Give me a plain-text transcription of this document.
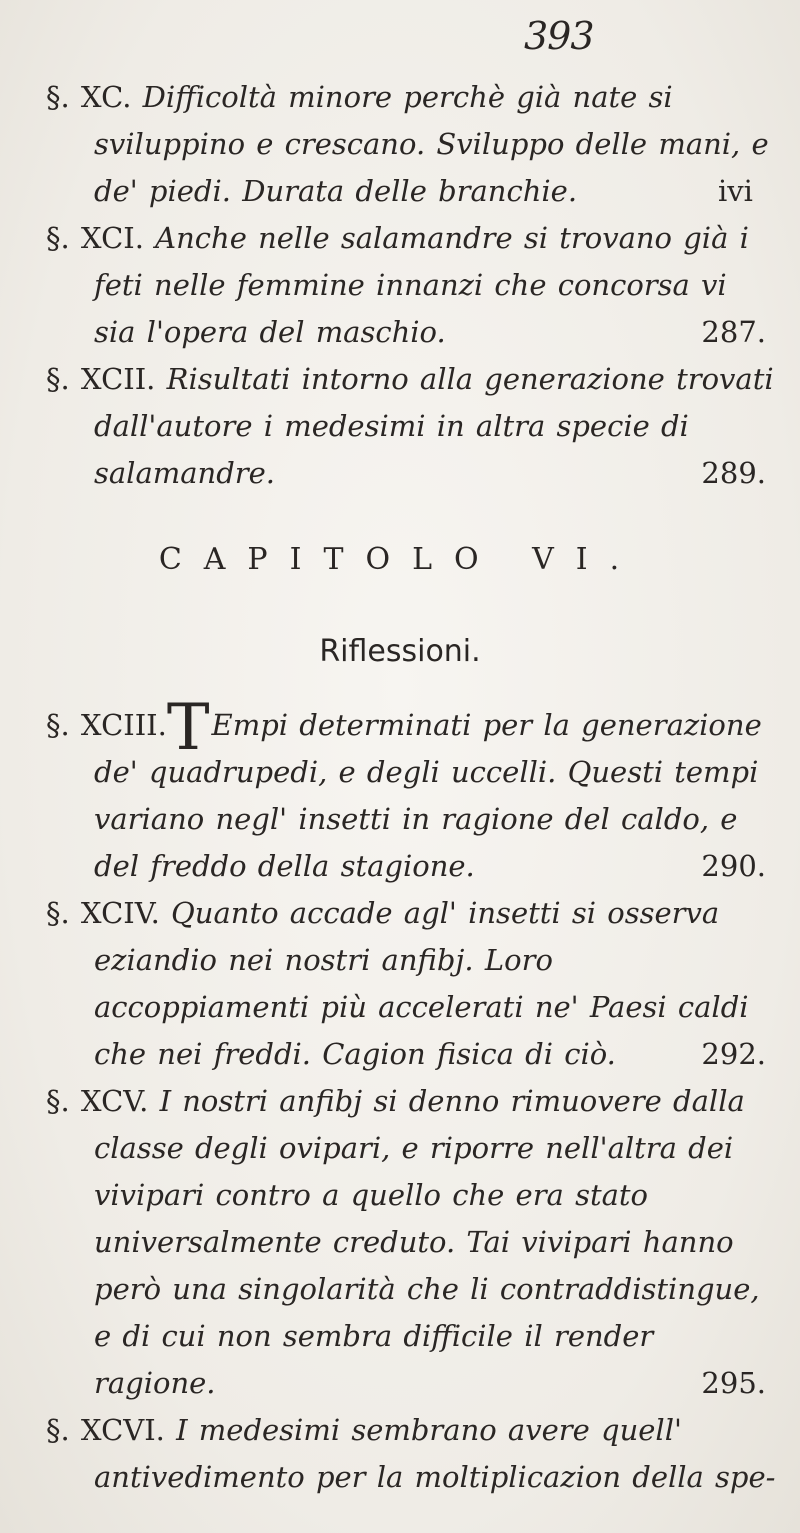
393

§. XC. Difficoltà minore perchè già nate si sviluppino e crescano. Sviluppo delle mani, e de' piedi. Durata delle branchie.	ivi

§. XCI. Anche nelle salamandre si trovano già i feti nelle femmine innanzi che concorsa vi sia l'opera del maschio.	287.

§. XCII. Risultati intorno alla generazione trovati dall'autore i medesimi in altra specie di salamandre.	289.

CAPITOLO VI.
Riflessioni.

§. XCIII.TEmpi determinati per la generazione de' quadrupedi, e degli uccelli. Questi tempi variano negl' insetti in ragione del caldo, e del freddo della stagione.	290.

§. XCIV. Quanto accade agl' insetti si osserva eziandio nei nostri anfibj. Loro accoppiamenti più accelerati ne' Paesi caldi che nei freddi. Cagion fisica di ciò.	292.

§. XCV. I nostri anfibj si denno rimuovere dalla classe degli ovipari, e riporre nell'altra dei vivipari contro a quello che era stato universalmente creduto. Tai vivipari hanno però una singolarità che li contraddistingue, e di cui non sembra difficile il render ragione.	295.

§. XCVI. I medesimi sembrano avere quell' antivedimento per la moltiplicazion della spe-
